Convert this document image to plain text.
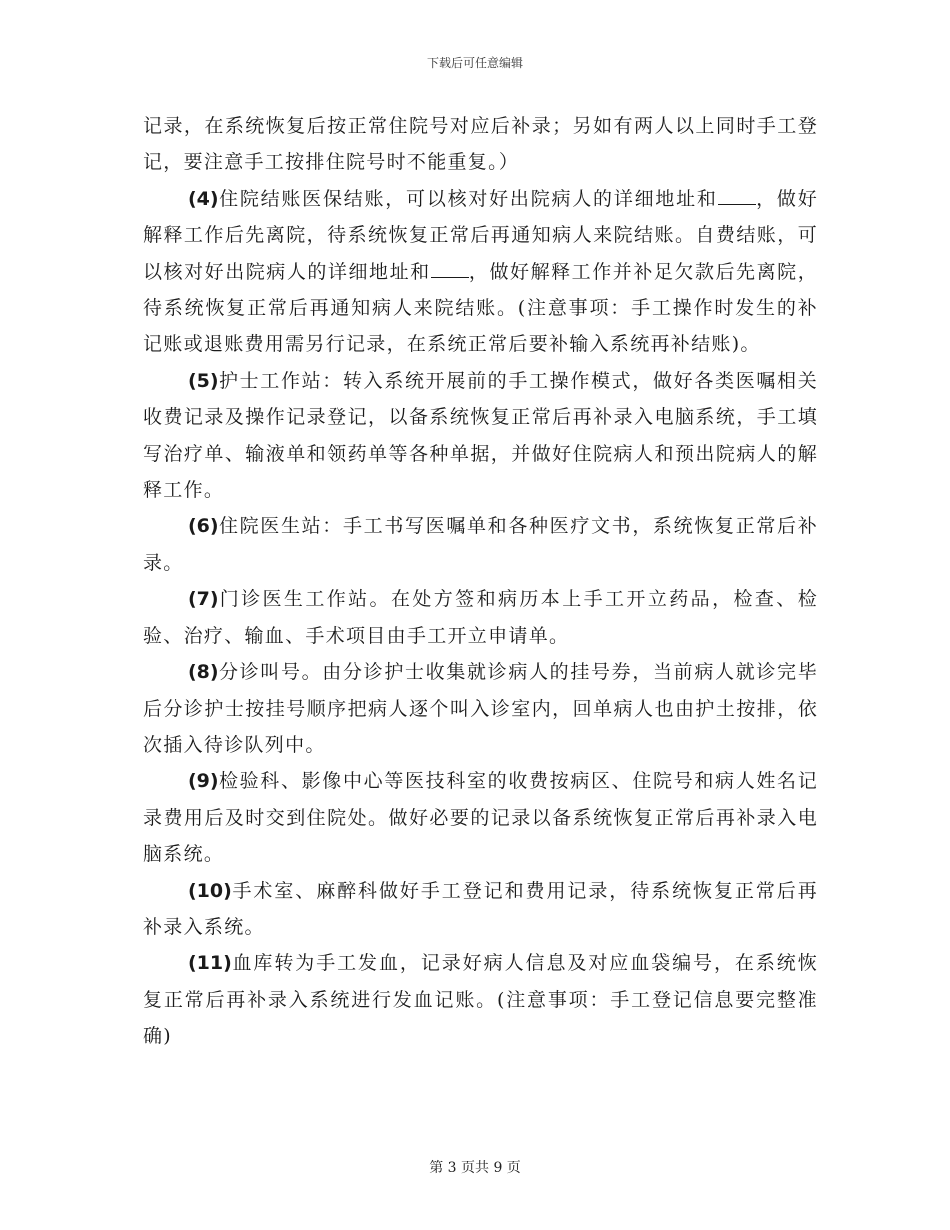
下载后可任意编辑

记录，在系统恢复后按正常住院号对应后补录；另如有两人以上同时手工登记，要注意手工按排住院号时不能重复。）

(4)住院结账医保结账，可以核对好出院病人的详细地址和 ，做好解释工作后先离院，待系统恢复正常后再通知病人来院结账。自费结账，可以核对好出院病人的详细地址和 ，做好解释工作并补足欠款后先离院，待系统恢复正常后再通知病人来院结账。(注意事项：手工操作时发生的补记账或退账费用需另行记录，在系统正常后要补输入系统再补结账)。

(5)护士工作站：转入系统开展前的手工操作模式，做好各类医嘱相关收费记录及操作记录登记，以备系统恢复正常后再补录入电脑系统，手工填写治疗单、输液单和领药单等各种单据，并做好住院病人和预出院病人的解释工作。

(6)住院医生站：手工书写医嘱单和各种医疗文书，系统恢复正常后补录。

(7)门诊医生工作站。在处方签和病历本上手工开立药品，检查、检验、治疗、输血、手术项目由手工开立申请单。

(8)分诊叫号。由分诊护士收集就诊病人的挂号券，当前病人就诊完毕后分诊护士按挂号顺序把病人逐个叫入诊室内，回单病人也由护土按排，依次插入待诊队列中。

(9)检验科、影像中心等医技科室的收费按病区、住院号和病人姓名记录费用后及时交到住院处。做好必要的记录以备系统恢复正常后再补录入电脑系统。

(10)手术室、麻醉科做好手工登记和费用记录，待系统恢复正常后再补录入系统。

(11)血库转为手工发血，记录好病人信息及对应血袋编号，在系统恢复正常后再补录入系统进行发血记账。(注意事项：手工登记信息要完整准确)

第 3 页共 9 页
